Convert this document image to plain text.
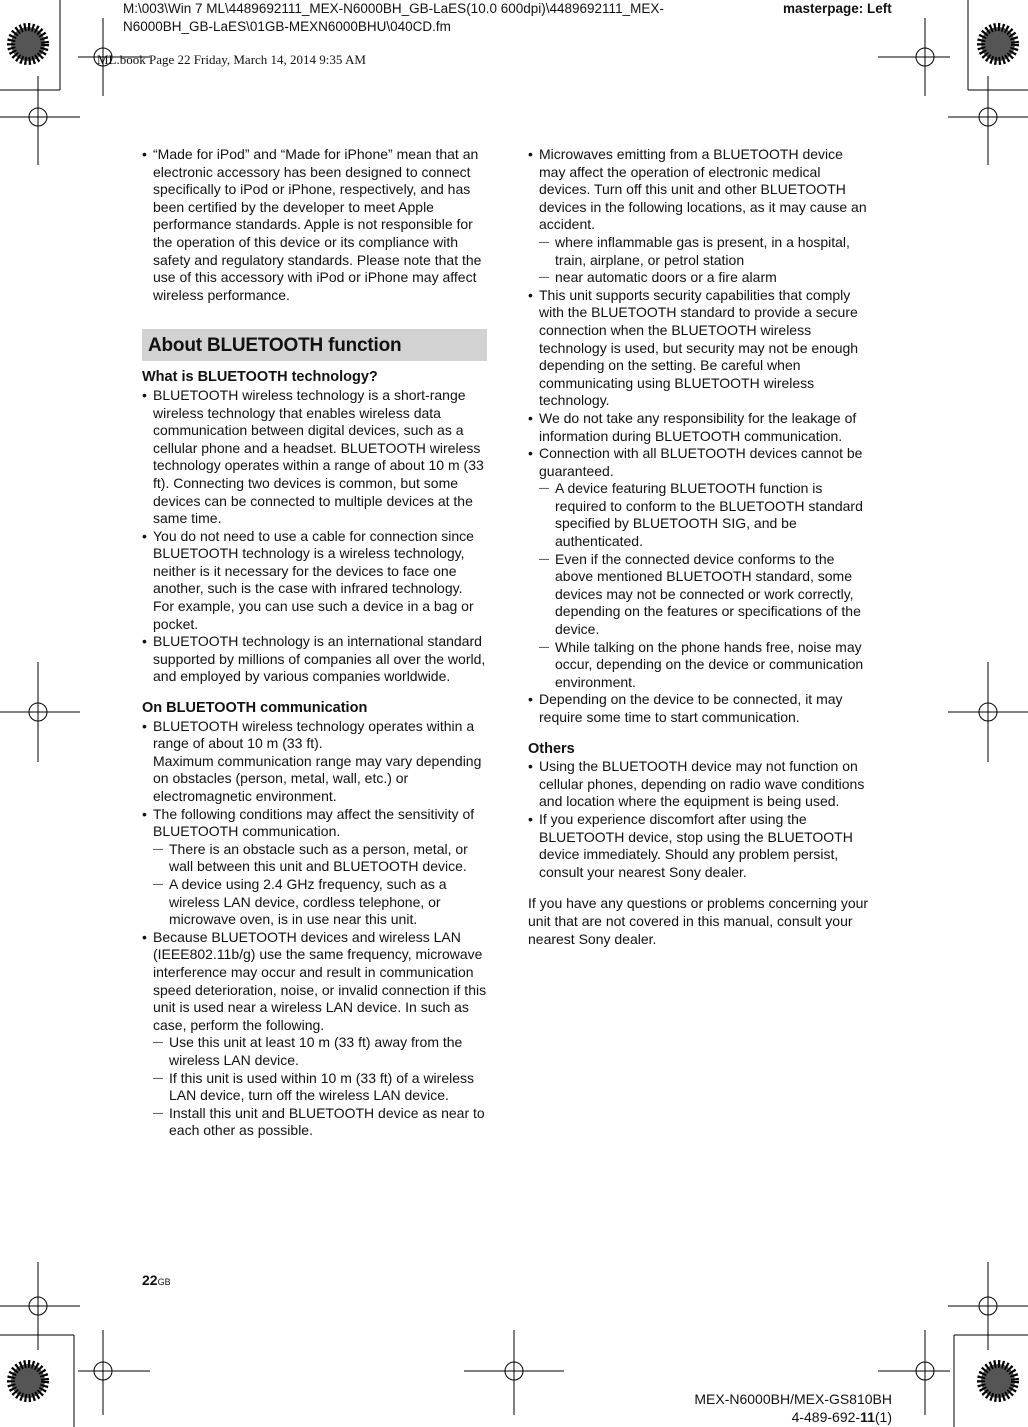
M:\003\Win 7 ML\4489692111_MEX-N6000BH_GB-LaES(10.0 600dpi)\4489692111_MEX-
N6000BH_GB-LaES\01GB-MEXN6000BHU\040CD.fm
masterpage: Left
ML.book Page 22 Friday, March 14, 2014 9:35 AM
• “Made for iPod” and “Made for iPhone” mean that an electronic accessory has been designed to connect specifically to iPod or iPhone, respectively, and has been certified by the developer to meet Apple performance standards. Apple is not responsible for the operation of this device or its compliance with safety and regulatory standards. Please note that the use of this accessory with iPod or iPhone may affect wireless performance.
About BLUETOOTH function
What is BLUETOOTH technology?
• BLUETOOTH wireless technology is a short-range wireless technology that enables wireless data communication between digital devices, such as a cellular phone and a headset. BLUETOOTH wireless technology operates within a range of about 10 m (33 ft). Connecting two devices is common, but some devices can be connected to multiple devices at the same time.
• You do not need to use a cable for connection since BLUETOOTH technology is a wireless technology, neither is it necessary for the devices to face one another, such is the case with infrared technology. For example, you can use such a device in a bag or pocket.
• BLUETOOTH technology is an international standard supported by millions of companies all over the world, and employed by various companies worldwide.
On BLUETOOTH communication
• BLUETOOTH wireless technology operates within a range of about 10 m (33 ft).
Maximum communication range may vary depending on obstacles (person, metal, wall, etc.) or electromagnetic environment.
• The following conditions may affect the sensitivity of BLUETOOTH communication.
— There is an obstacle such as a person, metal, or wall between this unit and BLUETOOTH device.
— A device using 2.4 GHz frequency, such as a wireless LAN device, cordless telephone, or microwave oven, is in use near this unit.
• Because BLUETOOTH devices and wireless LAN (IEEE802.11b/g) use the same frequency, microwave interference may occur and result in communication speed deterioration, noise, or invalid connection if this unit is used near a wireless LAN device. In such as case, perform the following.
— Use this unit at least 10 m (33 ft) away from the wireless LAN device.
— If this unit is used within 10 m (33 ft) of a wireless LAN device, turn off the wireless LAN device.
— Install this unit and BLUETOOTH device as near to each other as possible.
• Microwaves emitting from a BLUETOOTH device may affect the operation of electronic medical devices. Turn off this unit and other BLUETOOTH devices in the following locations, as it may cause an accident.
— where inflammable gas is present, in a hospital, train, airplane, or petrol station
— near automatic doors or a fire alarm
• This unit supports security capabilities that comply with the BLUETOOTH standard to provide a secure connection when the BLUETOOTH wireless technology is used, but security may not be enough depending on the setting. Be careful when communicating using BLUETOOTH wireless technology.
• We do not take any responsibility for the leakage of information during BLUETOOTH communication.
• Connection with all BLUETOOTH devices cannot be guaranteed.
— A device featuring BLUETOOTH function is required to conform to the BLUETOOTH standard specified by BLUETOOTH SIG, and be authenticated.
— Even if the connected device conforms to the above mentioned BLUETOOTH standard, some devices may not be connected or work correctly, depending on the features or specifications of the device.
— While talking on the phone hands free, noise may occur, depending on the device or communication environment.
• Depending on the device to be connected, it may require some time to start communication.
Others
• Using the BLUETOOTH device may not function on cellular phones, depending on radio wave conditions and location where the equipment is being used.
• If you experience discomfort after using the BLUETOOTH device, stop using the BLUETOOTH device immediately. Should any problem persist, consult your nearest Sony dealer.
If you have any questions or problems concerning your unit that are not covered in this manual, consult your nearest Sony dealer.
22GB
MEX-N6000BH/MEX-GS810BH
4-489-692-11(1)
